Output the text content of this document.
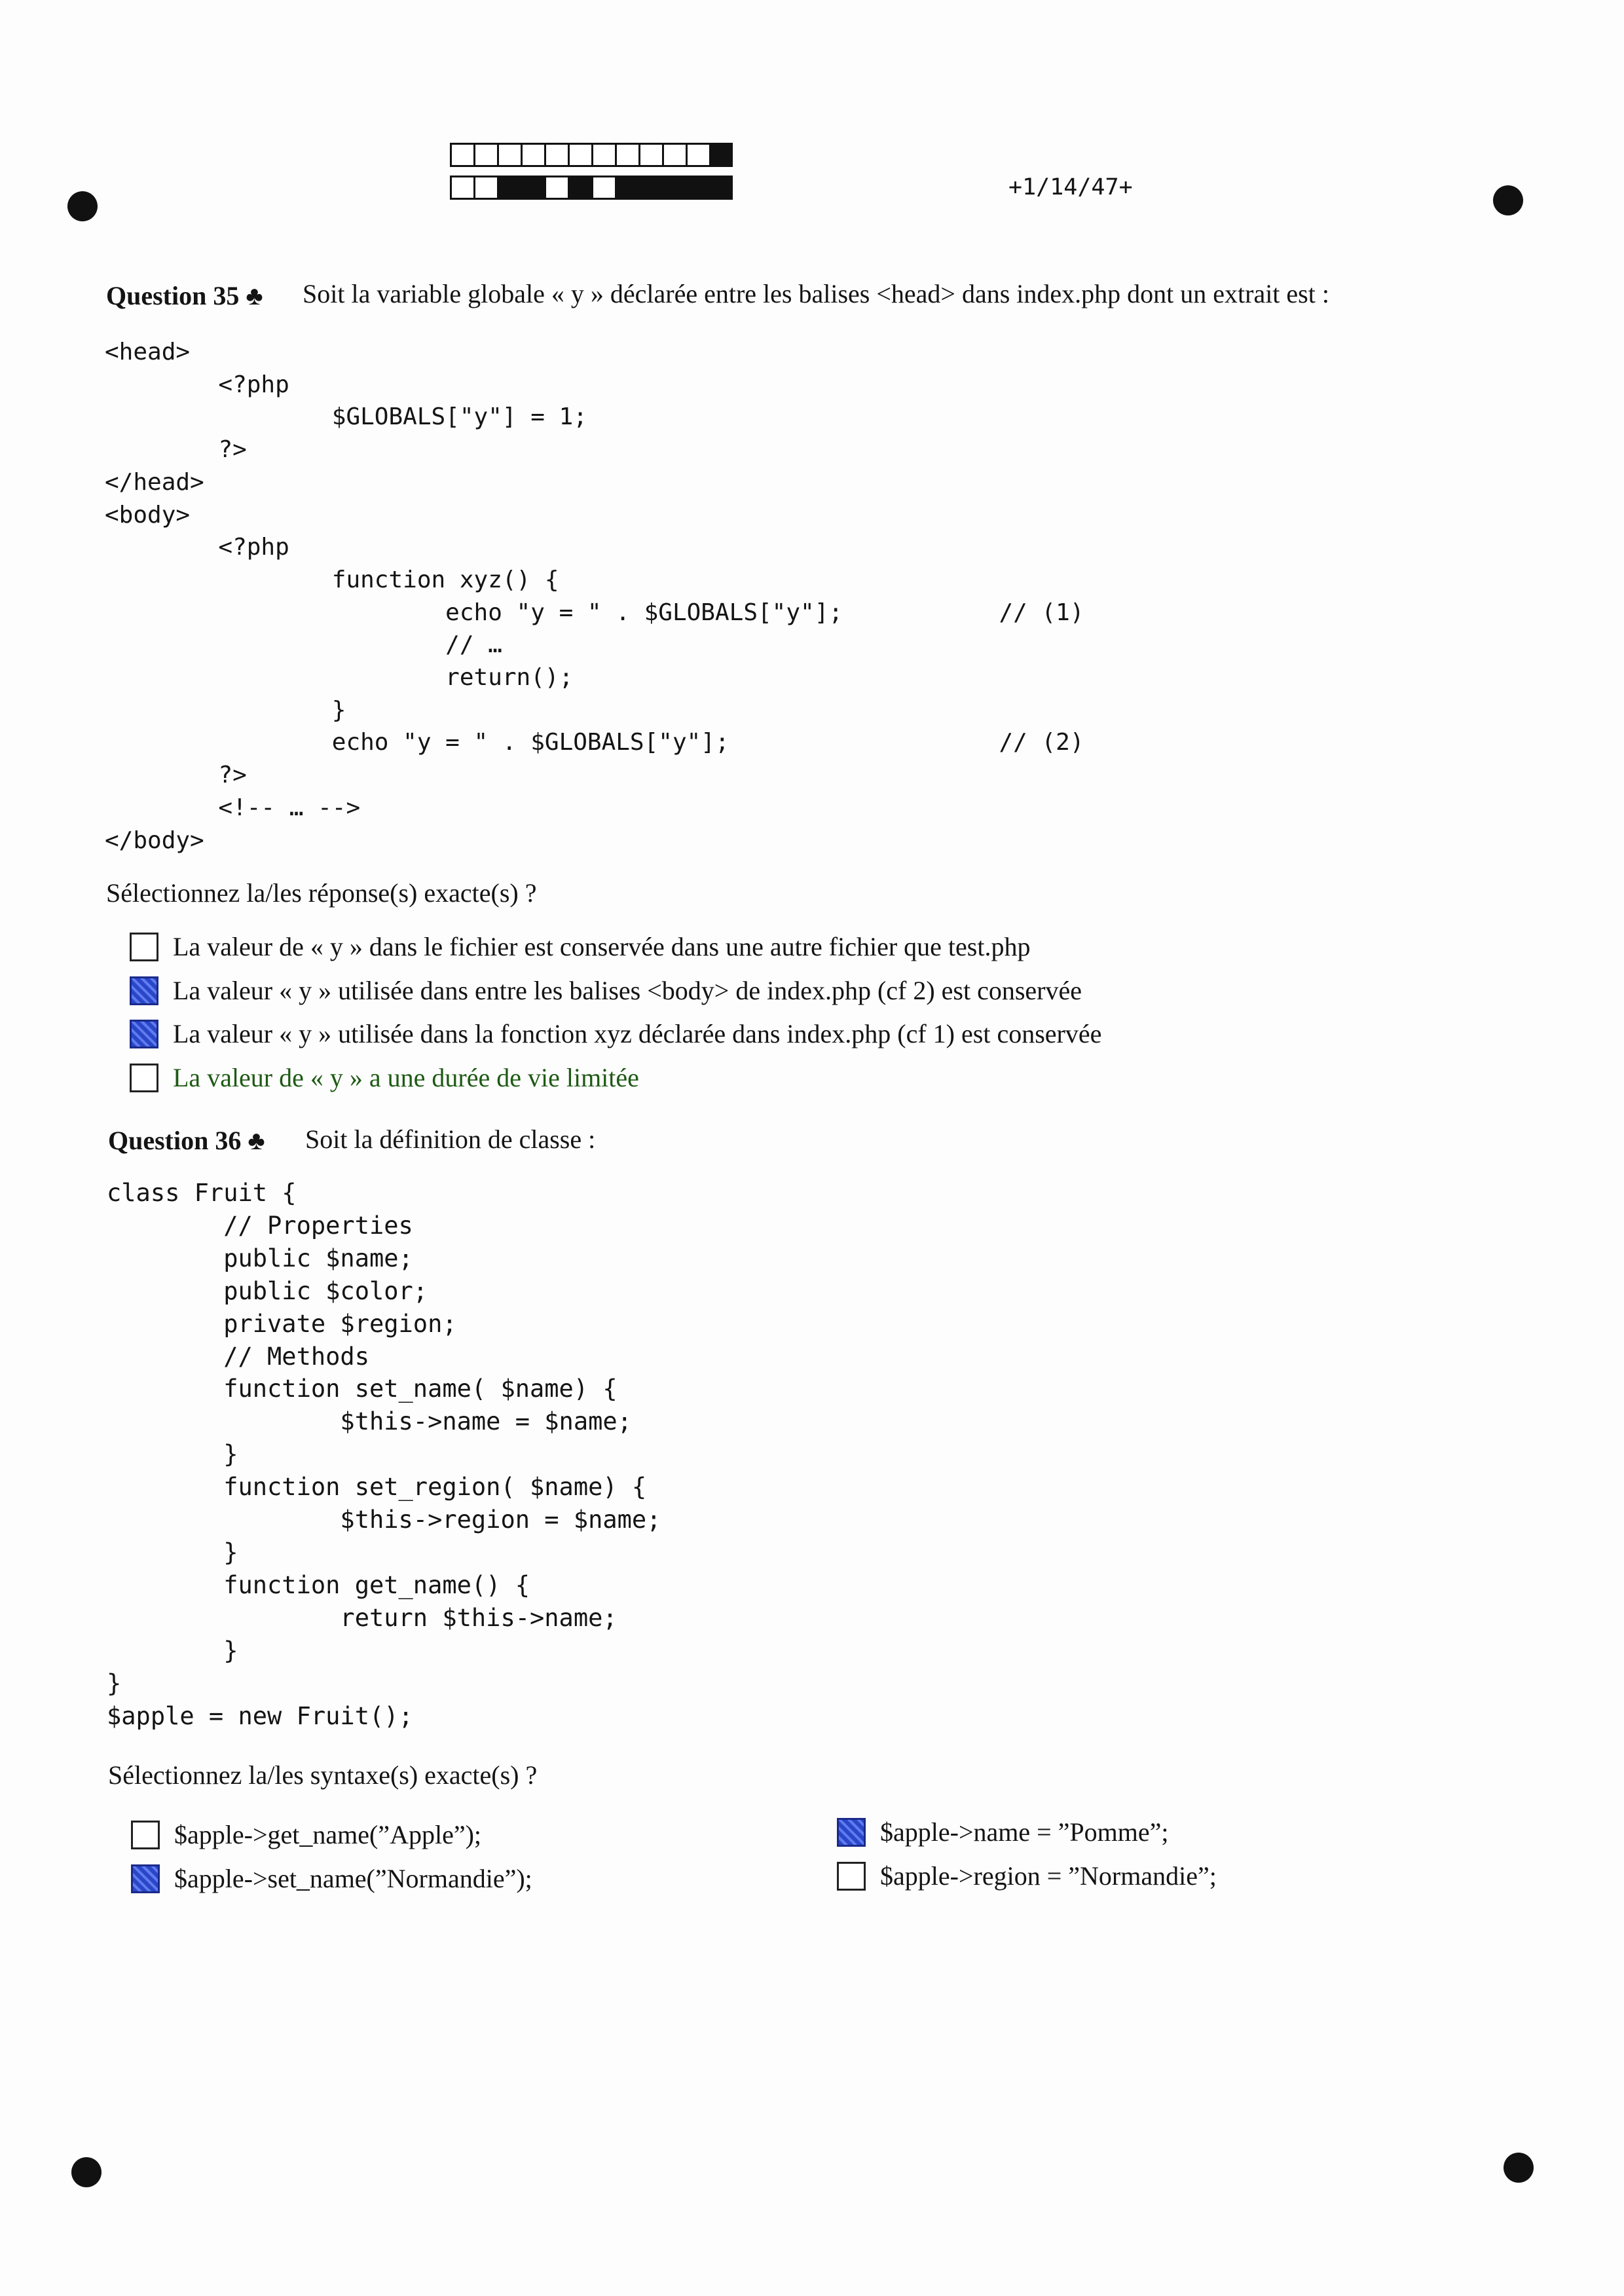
+1/14/47+
Question 35 ♣ Soit la variable globale « y » déclarée entre les balises <head> dans index.php dont un extrait est :
<head>
<?php
$GLOBALS["y"] = 1;
?>
</head>
<body>
<?php
function xyz() {
echo "y = " . $GLOBALS["y"];           // (1)
// …
return();
}
echo "y = " . $GLOBALS["y"];                   // (2)
?>
<!-- … -->
</body>
Sélectionnez la/les réponse(s) exacte(s) ?
La valeur de « y » dans le fichier est conservée dans une autre fichier que test.php
La valeur « y » utilisée dans entre les balises <body> de index.php (cf 2) est conservée
La valeur « y » utilisée dans la fonction xyz déclarée dans index.php (cf 1) est conservée
La valeur de « y » a une durée de vie limitée
Question 36 ♣ Soit la définition de classe :
class Fruit {
// Properties
public $name;
public $color;
private $region;
// Methods
function set_name( $name) {
$this->name = $name;
}
function set_region( $name) {
$this->region = $name;
}
function get_name() {
return $this->name;
}
}
$apple = new Fruit();
Sélectionnez la/les syntaxe(s) exacte(s) ?
$apple->get_name(”Apple”);
$apple->set_name(”Normandie”);
$apple->name = ”Pomme”;
$apple->region = ”Normandie”;
